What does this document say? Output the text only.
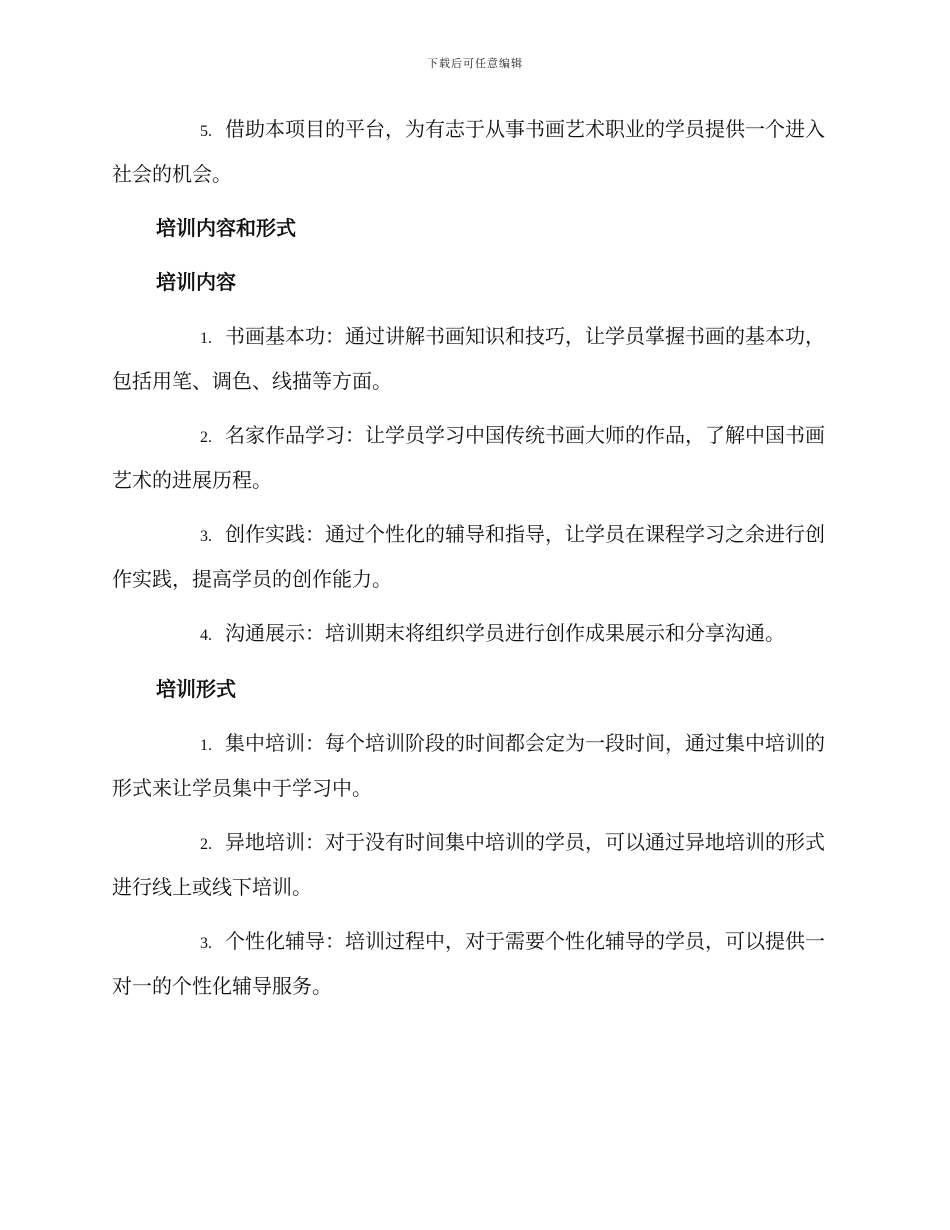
下载后可任意编辑

5. 借助本项目的平台，为有志于从事书画艺术职业的学员提供一个进入社会的机会。

培训内容和形式

培训内容

1. 书画基本功：通过讲解书画知识和技巧，让学员掌握书画的基本功，包括用笔、调色、线描等方面。

2. 名家作品学习：让学员学习中国传统书画大师的作品，了解中国书画艺术的进展历程。

3. 创作实践：通过个性化的辅导和指导，让学员在课程学习之余进行创作实践，提高学员的创作能力。

4. 沟通展示：培训期末将组织学员进行创作成果展示和分享沟通。

培训形式

1. 集中培训：每个培训阶段的时间都会定为一段时间，通过集中培训的形式来让学员集中于学习中。

2. 异地培训：对于没有时间集中培训的学员，可以通过异地培训的形式进行线上或线下培训。

3. 个性化辅导：培训过程中，对于需要个性化辅导的学员，可以提供一对一的个性化辅导服务。
